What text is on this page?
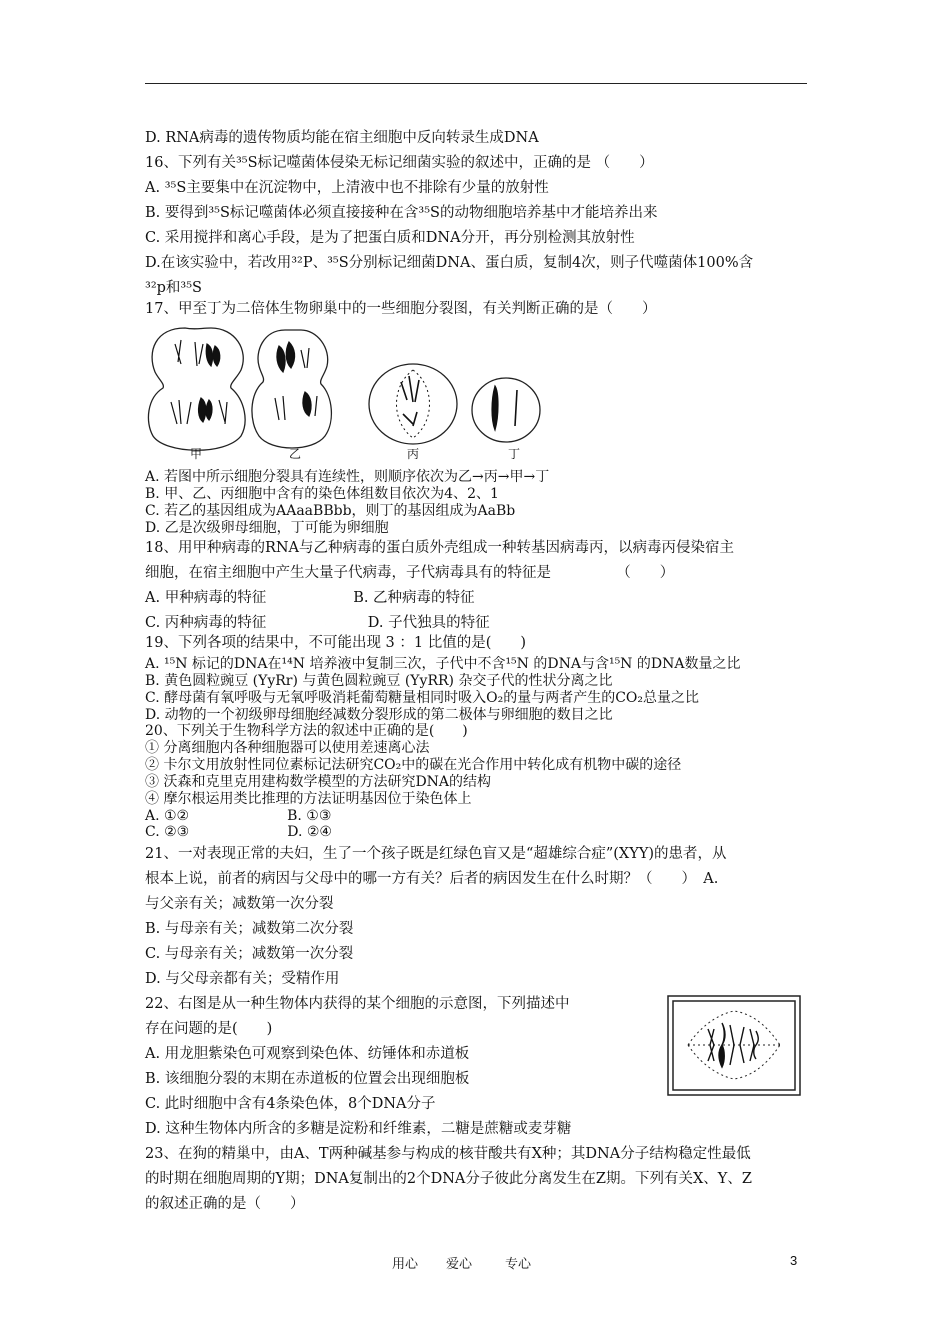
D. RNA病毒的遗传物质均能在宿主细胞中反向转录生成DNA
16、下列有关³⁵S标记噬菌体侵染无标记细菌实验的叙述中，正确的是 （　　）
A. ³⁵S主要集中在沉淀物中，上清液中也不排除有少量的放射性
B. 要得到³⁵S标记噬菌体必须直接接种在含³⁵S的动物细胞培养基中才能培养出来
C. 采用搅拌和离心手段，是为了把蛋白质和DNA分开，再分别检测其放射性
D.在该实验中，若改用³²P、³⁵S分别标记细菌DNA、蛋白质，复制4次，则子代噬菌体100%含
³²p和³⁵S
17、甲至丁为二倍体生物卵巢中的一些细胞分裂图，有关判断正确的是（　　）
甲	乙	丙	丁
A. 若图中所示细胞分裂具有连续性，则顺序依次为乙→丙→甲→丁
B. 甲、乙、丙细胞中含有的染色体组数目依次为4、2、1
C. 若乙的基因组成为AAaaBBbb，则丁的基因组成为AaBb
D. 乙是次级卵母细胞，丁可能为卵细胞
18、用甲种病毒的RNA与乙种病毒的蛋白质外壳组成一种转基因病毒丙，以病毒丙侵染宿主
细胞，在宿主细胞中产生大量子代病毒，子代病毒具有的特征是　　　　　（　　）
A. 甲种病毒的特征　　　　　　B. 乙种病毒的特征
C. 丙种病毒的特征　　　　　　　D. 子代独具的特征
19、下列各项的结果中，不可能出现 3 ：1 比值的是(　　)
A. ¹⁵N 标记的DNA在¹⁴N 培养液中复制三次，子代中不含¹⁵N 的DNA与含¹⁵N 的DNA数量之比
B. 黄色圆粒豌豆 (YyRr) 与黄色圆粒豌豆 (YyRR) 杂交子代的性状分离之比
C. 酵母菌有氧呼吸与无氧呼吸消耗葡萄糖量相同时吸入O₂的量与两者产生的CO₂总量之比
D. 动物的一个初级卵母细胞经减数分裂形成的第二极体与卵细胞的数目之比
20、下列关于生物科学方法的叙述中正确的是(　　)
① 分离细胞内各种细胞器可以使用差速离心法
② 卡尔文用放射性同位素标记法研究CO₂中的碳在光合作用中转化成有机物中碳的途径
③ 沃森和克里克用建构数学模型的方法研究DNA的结构
④ 摩尔根运用类比推理的方法证明基因位于染色体上
A. ①②　　　　　　　B. ①③
C. ②③　　　　　　　D. ②④
21、一对表现正常的夫妇，生了一个孩子既是红绿色盲又是“超雄综合症”(XYY)的患者，从
根本上说，前者的病因与父母中的哪一方有关？后者的病因发生在什么时期？（　　）　A.
与父亲有关；减数第一次分裂
B. 与母亲有关；减数第二次分裂
C. 与母亲有关；减数第一次分裂
D. 与父母亲都有关；受精作用
22、右图是从一种生物体内获得的某个细胞的示意图，下列描述中
存在问题的是(　　)
A. 用龙胆紫染色可观察到染色体、纺锤体和赤道板
B. 该细胞分裂的末期在赤道板的位置会出现细胞板
C. 此时细胞中含有4条染色体，8个DNA分子
D. 这种生物体内所含的多糖是淀粉和纤维素，二糖是蔗糖或麦芽糖
23、在狗的精巢中，由A、T两种碱基参与构成的核苷酸共有X种；其DNA分子结构稳定性最低
的时期在细胞周期的Y期；DNA复制出的2个DNA分子彼此分离发生在Z期。下列有关X、Y、Z
的叙述正确的是（　　）
用心 爱心	专心	3
